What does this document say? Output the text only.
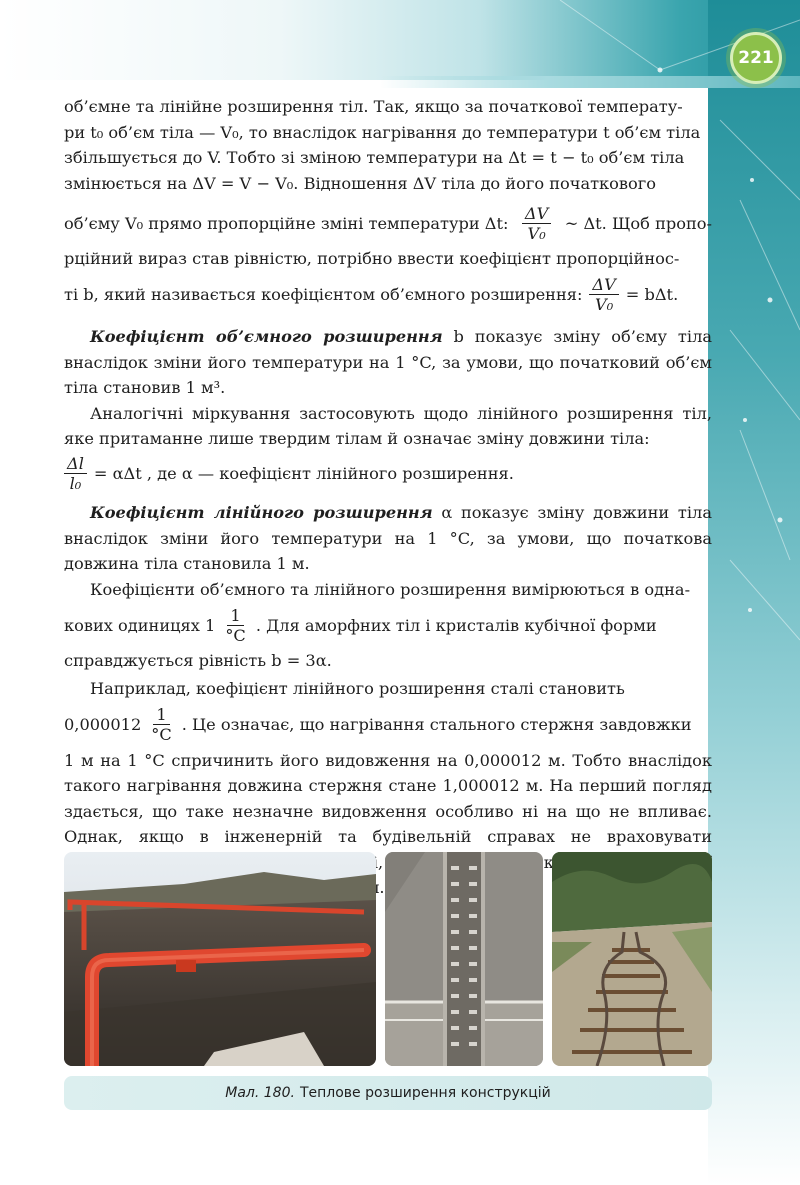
221

об’ємне та лінійне розширення тіл. Так, якщо за початкової температу-

ри t₀ об’єм тіла — V₀, то внаслідок нагрівання до температури t об’єм тіла

збільшується до V. Тобто зі зміною температури на Δt = t − t₀ об’єм тіла

змінюється на ΔV = V − V₀. Відношення ΔV тіла до його початкового

об’єму V₀ прямо пропорційне зміні температури Δt: $\frac{\Delta V}{\text{V₀}}$ ~ Δt. Щоб пропо-

рційний вираз став рівністю, потрібно ввести коефіцієнт пропорційнос-

ті b, який називається коефіцієнтом об’ємного розширення: $\frac{\Delta V}{\text{V₀}} = b\Delta t$.

Коефіцієнт об’ємного розширення b показує зміну об’єму тіла внаслідок зміни його температури на 1 °C, за умови, що початковий об’єм тіла становив 1 м³.

Аналогічні міркування застосовують щодо лінійного розширення тіл, яке притаманне лише твердим тілам й означає зміну довжини тіла:

$\frac{\Delta l}{\text{l₀}} = \alpha\Delta t$ , де α — коефіцієнт лінійного розширення.

Коефіцієнт лінійного розширення α показує зміну довжини тіла внаслідок зміни його температури на 1 °C, за умови, що початкова довжина тіла становила 1 м.

Коефіцієнти об’ємного та лінійного розширення вимірюються в одна-

кових одиницях $1 \frac{1}{^\circ C}$ . Для аморфних тіл і кристалів кубічної форми

справджується рівність b = 3α.

Наприклад, коефіцієнт лінійного розширення сталі становить

$0,000012 \frac{1}{^\circ C}$ . Це означає, що нагрівання стального стержня завдовжки

1 м на 1 °C спричинить його видовження на 0,000012 м. Тобто внаслідок такого нагрівання довжина стержня стане 1,000012 м. На перший погляд здається, що таке незначне видовження особливо ні на що не впливає. Однак, якщо в інженерній та будівельній справах не враховувати

Мал. 180. Теплове розширення конструкцій
